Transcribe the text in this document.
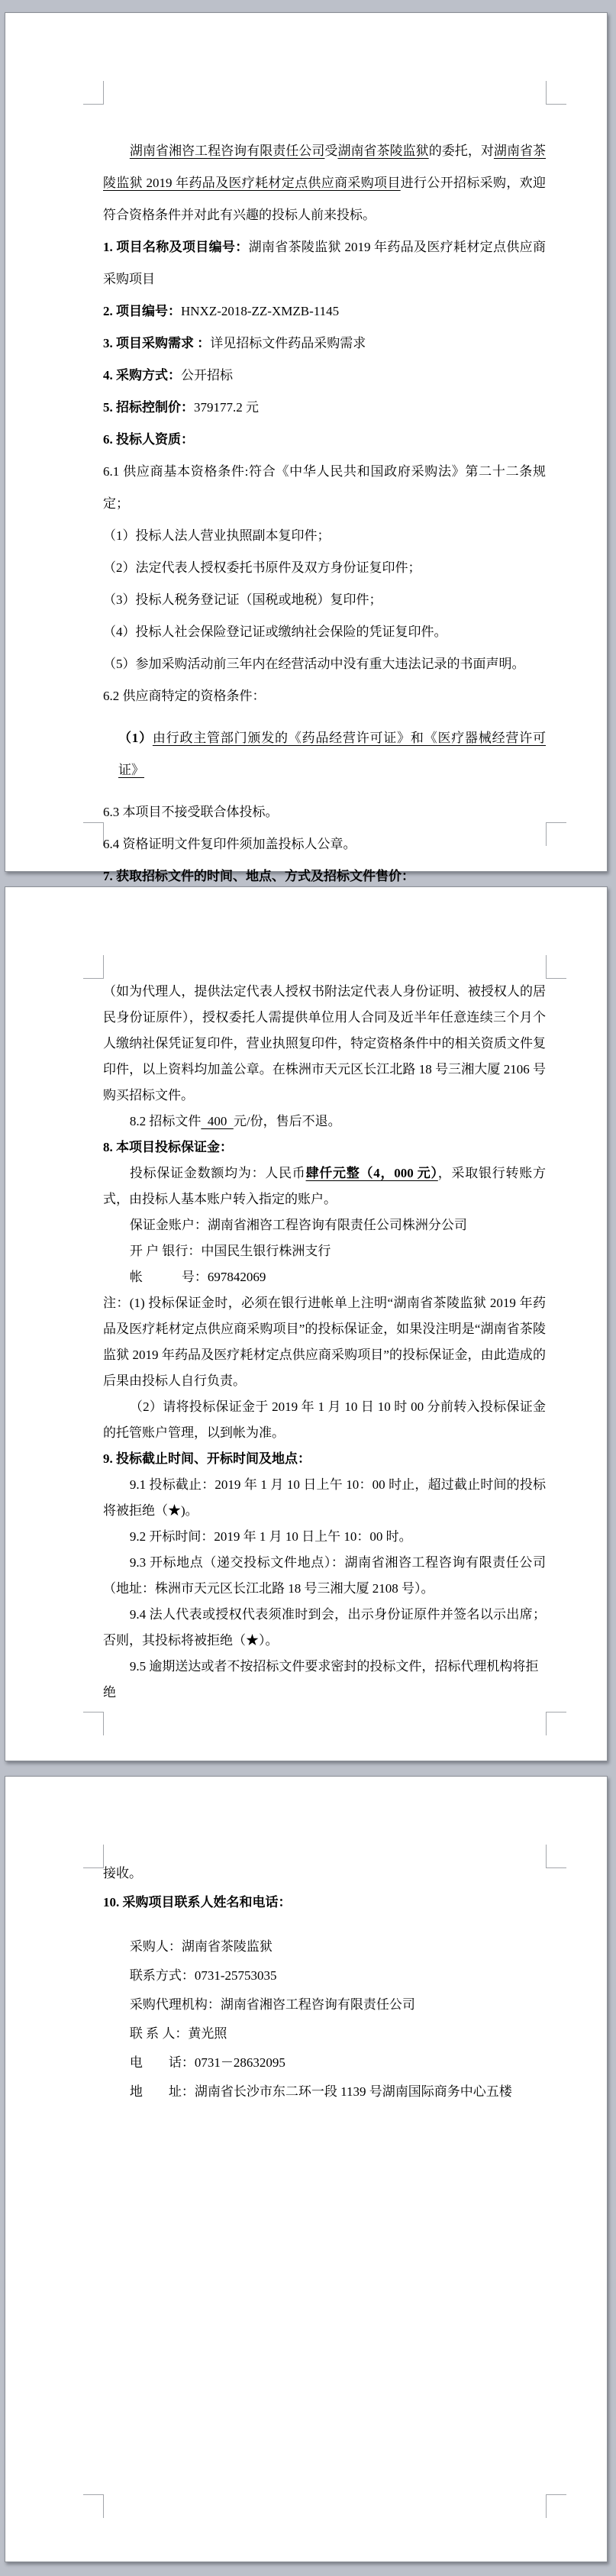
湖南省湘咨工程咨询有限责任公司受湖南省茶陵监狱的委托，对湖南省茶陵监狱 2019 年药品及医疗耗材定点供应商采购项目进行公开招标采购，欢迎符合资格条件并对此有兴趣的投标人前来投标。

1. 项目名称及项目编号：湖南省茶陵监狱 2019 年药品及医疗耗材定点供应商采购项目

2. 项目编号：HNXZ-2018-ZZ-XMZB-1145

3. 项目采购需求 ：详见招标文件药品采购需求

4. 采购方式：公开招标

5. 招标控制价：379177.2 元

6. 投标人资质：

6.1 供应商基本资格条件:符合《中华人民共和国政府采购法》第二十二条规定；

（1）投标人法人营业执照副本复印件；

（2）法定代表人授权委托书原件及双方身份证复印件；

（3）投标人税务登记证（国税或地税）复印件；

（4）投标人社会保险登记证或缴纳社会保险的凭证复印件。

（5）参加采购活动前三年内在经营活动中没有重大违法记录的书面声明。

6.2 供应商特定的资格条件：

（1）由行政主管部门颁发的《药品经营许可证》和《医疗器械经营许可证》

6.3 本项目不接受联合体投标。

6.4 资格证明文件复印件须加盖投标人公章。

7. 获取招标文件的时间、地点、方式及招标文件售价：

（如为代理人，提供法定代表人授权书附法定代表人身份证明、被授权人的居民身份证原件），授权委托人需提供单位用人合同及近半年任意连续三个月个人缴纳社保凭证复印件，营业执照复印件，特定资格条件中的相关资质文件复印件，以上资料均加盖公章。在株洲市天元区长江北路 18 号三湘大厦 2106 号购买招标文件。

8.2 招标文件  400  元/份，售后不退。

8. 本项目投标保证金：

投标保证金数额均为：人民币肆仟元整（4，000 元），采取银行转账方式，由投标人基本账户转入指定的账户。

保证金账户：湖南省湘咨工程咨询有限责任公司株洲分公司

开 户 银行：中国民生银行株洲支行

帐　　　号：697842069

注：(1) 投标保证金时，必须在银行进帐单上注明“湖南省茶陵监狱 2019 年药品及医疗耗材定点供应商采购项目”的投标保证金，如果没注明是“湖南省茶陵监狱 2019 年药品及医疗耗材定点供应商采购项目”的投标保证金，由此造成的后果由投标人自行负责。

（2）请将投标保证金于 2019 年 1 月 10 日 10 时 00 分前转入投标保证金的托管账户管理，以到帐为准。

9. 投标截止时间、开标时间及地点：

9.1 投标截止：2019 年 1 月 10 日上午 10：00 时止，超过截止时间的投标将被拒绝（★)。

9.2 开标时间：2019 年 1 月 10 日上午 10：00 时。

9.3 开标地点（递交投标文件地点）：湖南省湘咨工程咨询有限责任公司（地址：株洲市天元区长江北路 18 号三湘大厦 2108 号）。

9.4 法人代表或授权代表须准时到会，出示身份证原件并签名以示出席；否则，其投标将被拒绝（★）。

9.5 逾期送达或者不按招标文件要求密封的投标文件，招标代理机构将拒绝

接收。

10. 采购项目联系人姓名和电话：

采购人：湖南省茶陵监狱

联系方式：0731-25753035

采购代理机构：湖南省湘咨工程咨询有限责任公司

联 系 人：黄光照

电　　话：0731－28632095

地　　址：湖南省长沙市东二环一段 1139 号湖南国际商务中心五楼
